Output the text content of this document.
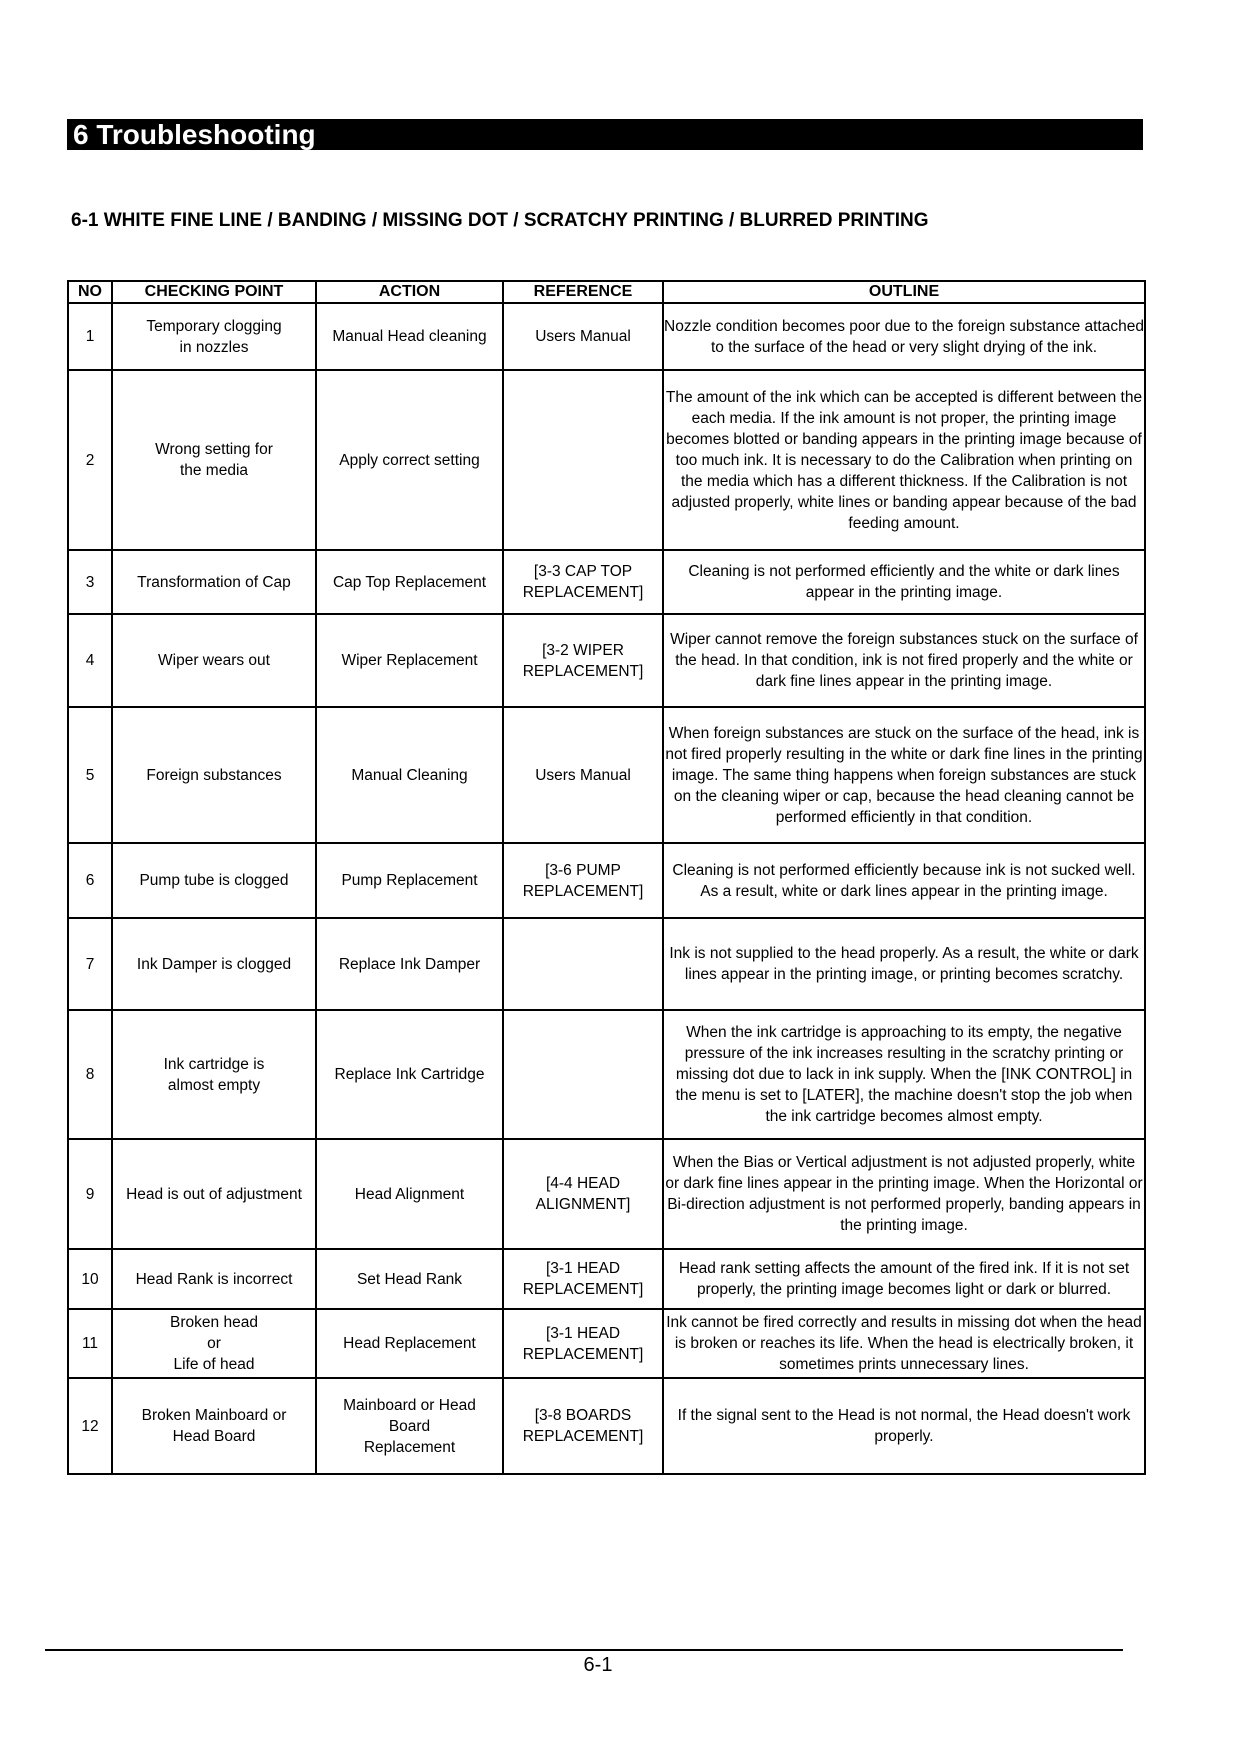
6 Troubleshooting
6-1 WHITE FINE LINE / BANDING / MISSING DOT / SCRATCHY PRINTING / BLURRED PRINTING
NO	CHECKING POINT	ACTION	REFERENCE	OUTLINE
1	Temporary clogging
in nozzles	Manual Head cleaning	Users Manual	Nozzle condition becomes poor due to the foreign substance attached to the surface of the head or very slight drying of the ink.
2	Wrong setting for
the media	Apply correct setting		The amount of the ink which can be accepted is different between the each media. If the ink amount is not proper, the printing image becomes blotted or banding appears in the printing image because of too much ink. It is necessary to do the Calibration when printing on the media which has a different thickness. If the Calibration is not adjusted properly, white lines or banding appear because of the bad feeding amount.
3	Transformation of Cap	Cap Top Replacement	[3-3 CAP TOP
REPLACEMENT]	Cleaning is not performed efficiently and the white or dark lines appear in the printing image.
4	Wiper wears out	Wiper Replacement	[3-2 WIPER
REPLACEMENT]	Wiper cannot remove the foreign substances stuck on the surface of the head. In that condition, ink is not fired properly and the white or dark fine lines appear in the printing image.
5	Foreign substances	Manual Cleaning	Users Manual	When foreign substances are stuck on the surface of the head, ink is not fired properly resulting in the white or dark fine lines in the printing image. The same thing happens when foreign substances are stuck on the cleaning wiper or cap, because the head cleaning cannot be performed efficiently in that condition.
6	Pump tube is clogged	Pump Replacement	[3-6 PUMP
REPLACEMENT]	Cleaning is not performed efficiently because ink is not sucked well. As a result, white or dark lines appear in the printing image.
7	Ink Damper is clogged	Replace Ink Damper		Ink is not supplied to the head properly. As a result, the white or dark lines appear in the printing image, or printing becomes scratchy.
8	Ink cartridge is
almost empty	Replace Ink Cartridge		When the ink cartridge is approaching to its empty, the negative pressure of the ink increases resulting in the scratchy printing or missing dot due to lack in ink supply. When the [INK CONTROL] in the menu is set to [LATER], the machine doesn't stop the job when the ink cartridge becomes almost empty.
9	Head is out of adjustment	Head Alignment	[4-4 HEAD
ALIGNMENT]	When the Bias or Vertical adjustment is not adjusted properly, white or dark fine lines appear in the printing image. When the Horizontal or Bi-direction adjustment is not performed properly, banding appears in the printing image.
10	Head Rank is incorrect	Set Head Rank	[3-1 HEAD
REPLACEMENT]	Head rank setting affects the amount of the fired ink. If it is not set properly, the printing image becomes light or dark or blurred.
11	Broken head
or
Life of head	Head Replacement	[3-1 HEAD
REPLACEMENT]	Ink cannot be fired correctly and results in missing dot when the head is broken or reaches its life. When the head is electrically broken, it sometimes prints unnecessary lines.
12	Broken Mainboard or
Head Board	Mainboard or Head
Board
Replacement	[3-8 BOARDS
REPLACEMENT]	If the signal sent to the Head is not normal, the Head doesn't work properly.
6-1
